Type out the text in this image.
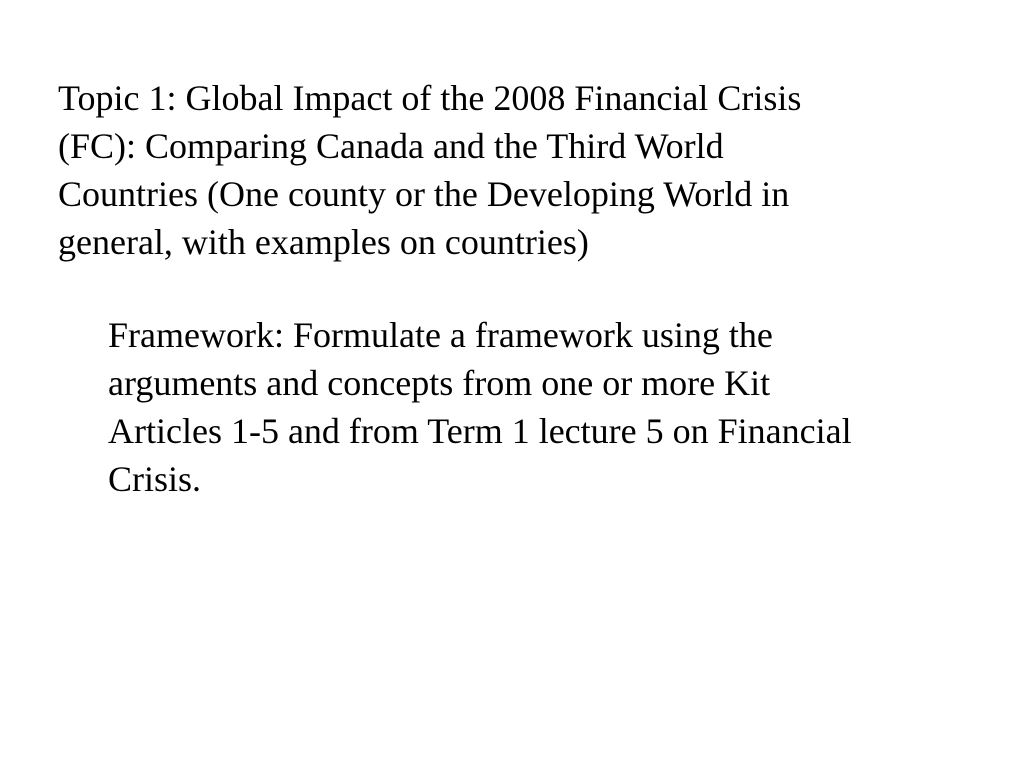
Topic 1: Global Impact of the 2008 Financial Crisis
(FC): Comparing Canada and the Third World
Countries (One county or the Developing World in
general, with examples on countries)

Framework: Formulate a framework using the
arguments and concepts from one or more Kit
Articles 1-5 and from Term 1 lecture 5 on Financial
Crisis.
